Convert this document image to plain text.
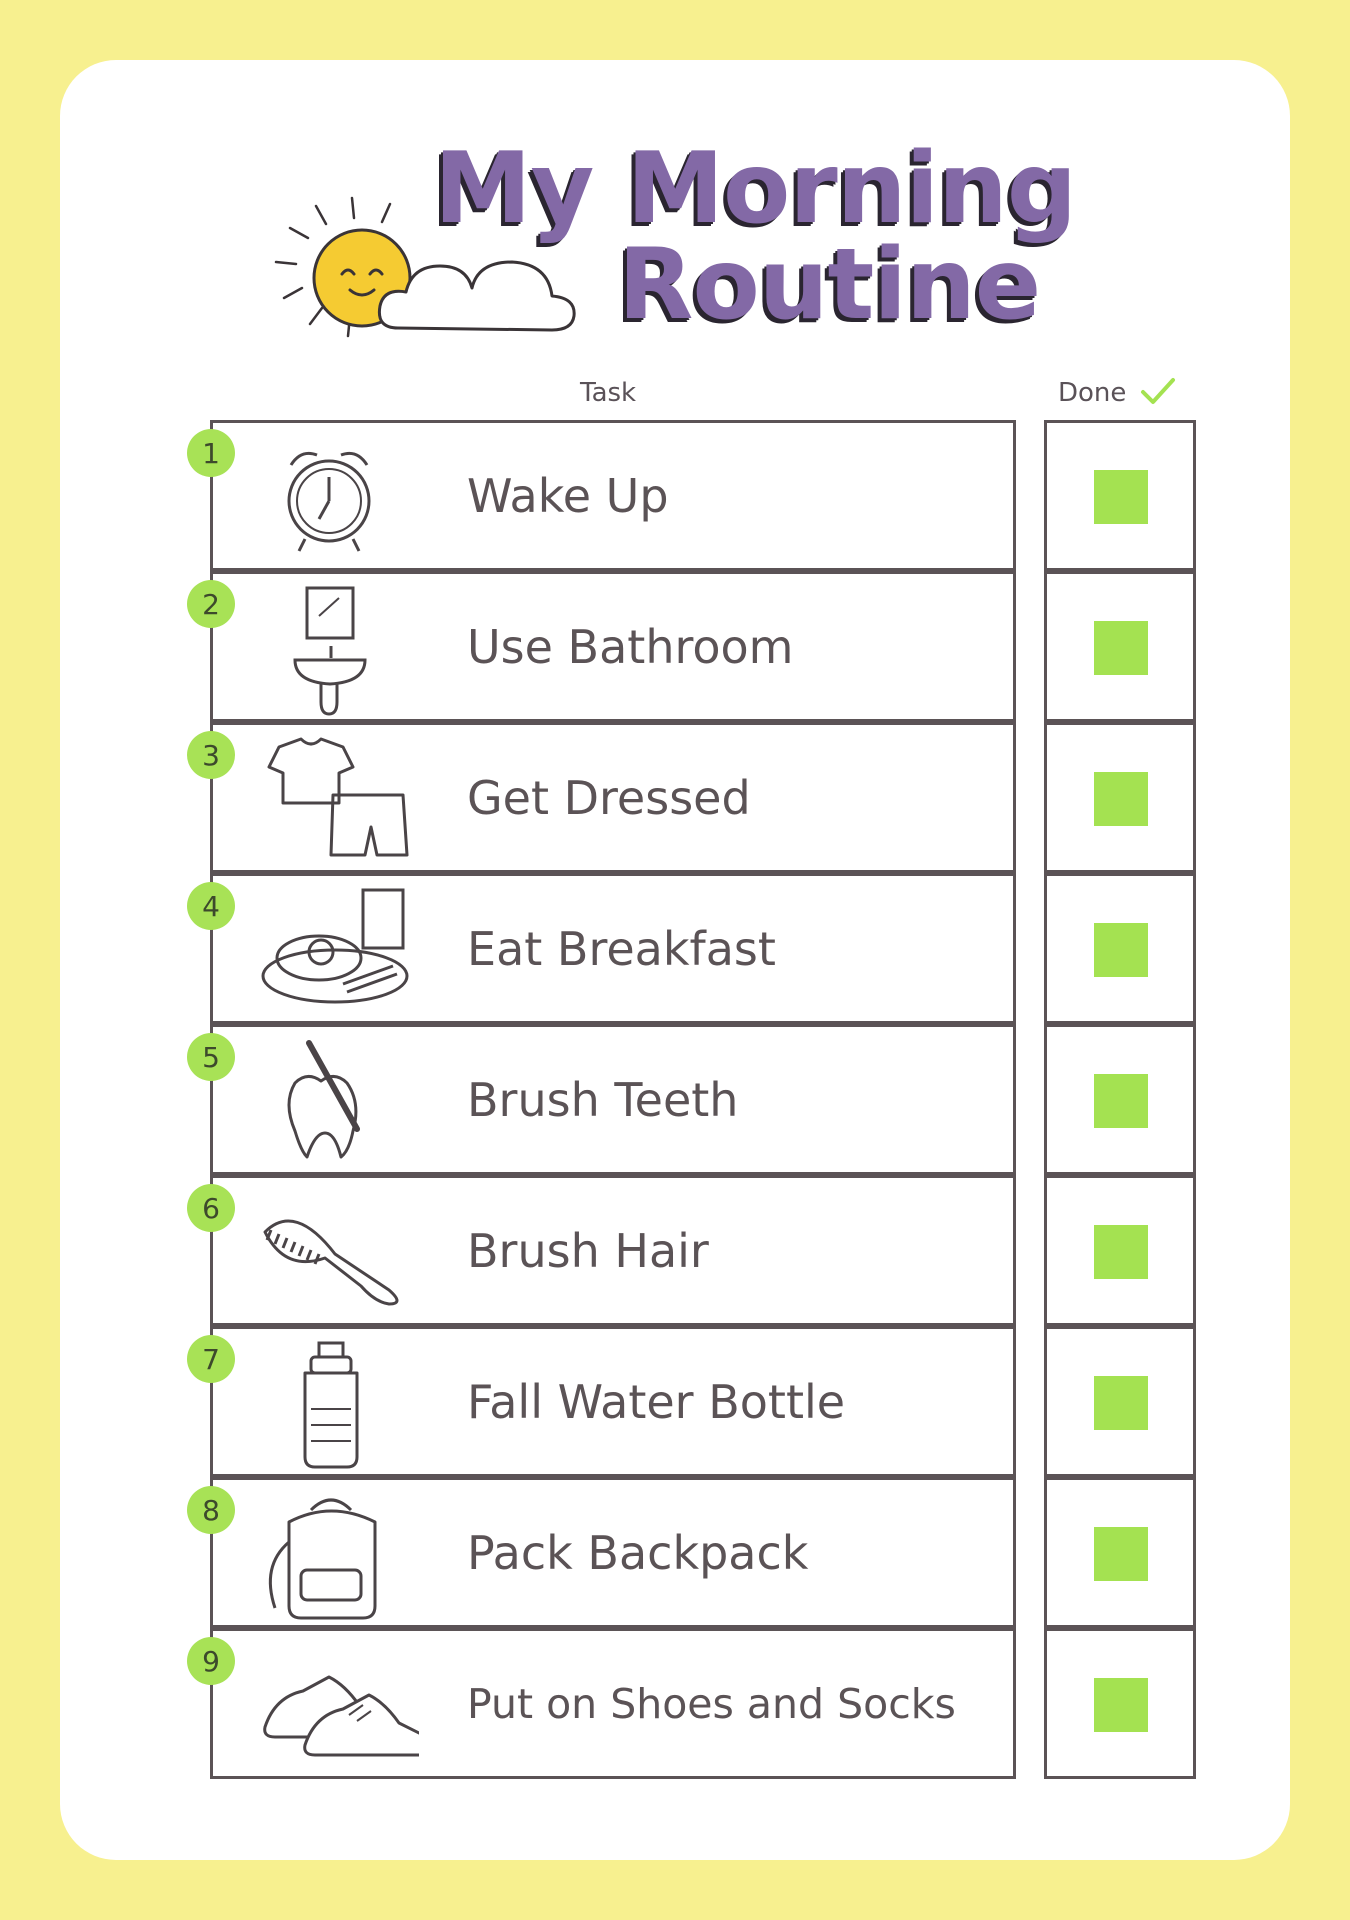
My Morning
Routine
Task	Done
1
Wake Up
2
Use Bathroom
3
Get Dressed
4
Eat Breakfast
5
Brush Teeth
6
Brush Hair
7
Fall Water Bottle
8
Pack Backpack
9
Put on Shoes and Socks
